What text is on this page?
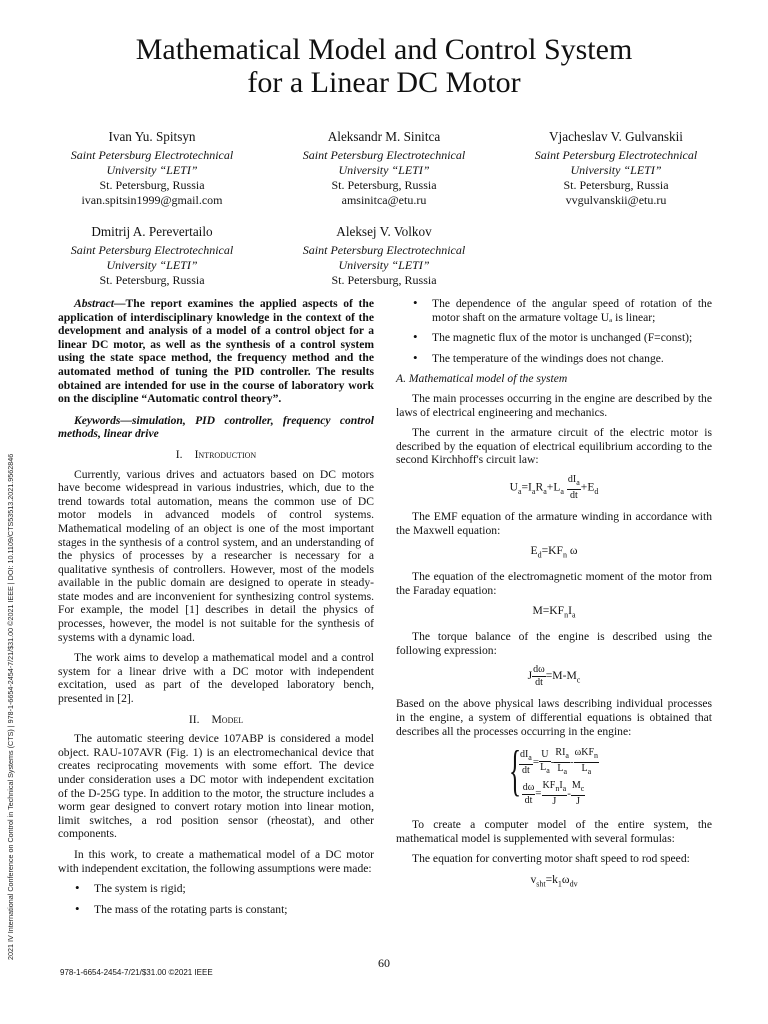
2021 IV International Conference on Control in Technical Systems (CTS) | 978-1-6654-2454-7/21/$31.00 ©2021 IEEE | DOI: 10.1109/CTS53513.2021.9562846
Mathematical Model and Control System
for a Linear DC Motor
Ivan Yu. Spitsyn
Saint Petersburg Electrotechnical
University “LETI”
St. Petersburg, Russia
ivan.spitsin1999@gmail.com
Aleksandr M. Sinitca
Saint Petersburg Electrotechnical
University “LETI”
St. Petersburg, Russia
amsinitca@etu.ru
Vjacheslav V. Gulvanskii
Saint Petersburg Electrotechnical
University “LETI”
St. Petersburg, Russia
vvgulvanskii@etu.ru
Dmitrij A. Perevertailo
Saint Petersburg Electrotechnical
University “LETI”
St. Petersburg, Russia
Aleksej V. Volkov
Saint Petersburg Electrotechnical
University “LETI”
St. Petersburg, Russia

Abstract—The report examines the applied aspects of the application of interdisciplinary knowledge in the context of the development and analysis of a model of a control object for a linear DC motor, as well as the synthesis of a control system using the state space method, the frequency method and the automated method of tuning the PID controller. The results obtained are intended for use in the course of laboratory work on the discipline “Automatic control theory”.

Keywords—simulation, PID controller, frequency control methods, linear drive

I. Introduction

Currently, various drives and actuators based on DC motors have become widespread in various industries, which, due to the trend towards total automation, means the common use of DC motor models in advanced models of control systems. Mathematical modeling of an object is one of the most important stages in the synthesis of a control system, and an understanding of the physics of processes by a researcher is necessary for a qualitative synthesis of controllers. However, most of the models available in the public domain are designed to operate in steady-state modes and are inconvenient for synthesizing control systems. For example, the model [1] describes in detail the physics of processes, however, the model is not suitable for the synthesis of systems with a dynamic load.

The work aims to develop a mathematical model and a control system for a linear drive with a DC motor with independent excitation, used as part of the developed laboratory bench, presented in [2].

II. Model

The automatic steering device 107ABP is considered a model object. RAU-107AVR (Fig. 1) is an electromechanical device that creates reciprocating movements with some effort. The device under consideration uses a DC motor with independent excitation of the D-25G type. In addition to the motor, the structure includes a worm gear designed to convert rotary motion into linear motion, limit switches, a rod position sensor (rheostat), and other components.

In this work, to create a mathematical model of a DC motor with independent excitation, the following assumptions were made:

• The system is rigid;
• The mass of the rotating parts is constant;
• The dependence of the angular speed of rotation of the motor shaft on the armature voltage Uₐ is linear;
• The magnetic flux of the motor is unchanged (F=const);
• The temperature of the windings does not change.
A. Mathematical model of the system

The main processes occurring in the engine are described by the laws of electrical engineering and mechanics.

The current in the armature circuit of the electric motor is described by the equation of electrical equilibrium according to the second Kirchhoff's circuit law:

$U_a=I_aR_a+L_a \frac{dI_a}{dt} +E_d$

The EMF equation of the armature winding in accordance with the Maxwell equation:

$E_d=KF_n$ ω

The equation of the electromagnetic moment of the motor from the Faraday equation:

$M=KF_nI_a$

The torque balance of the engine is described using the following expression:

J $\frac{d\omega}{dt} =M-M_c$

Based on the above physical laws describing individual processes in the engine, a system of differential equations is obtained that describes all the processes occurring in the engine:

{
$\frac{dI_a}{dt} = \frac{U}{L_a} - \frac{RI_a}{L_a} - \frac{\omega KF_n}{L_a}$

$\frac{d\omega}{dt} = \frac{KF_nI_a}{J} - \frac{M_c}{J}$

To create a computer model of the entire system, the mathematical model is supplemented with several formulas:

The equation for converting motor shaft speed to rod speed:

$v_{sht}=k_1\omega_{dv}$
60
978-1-6654-2454-7/21/$31.00 ©2021 IEEE
